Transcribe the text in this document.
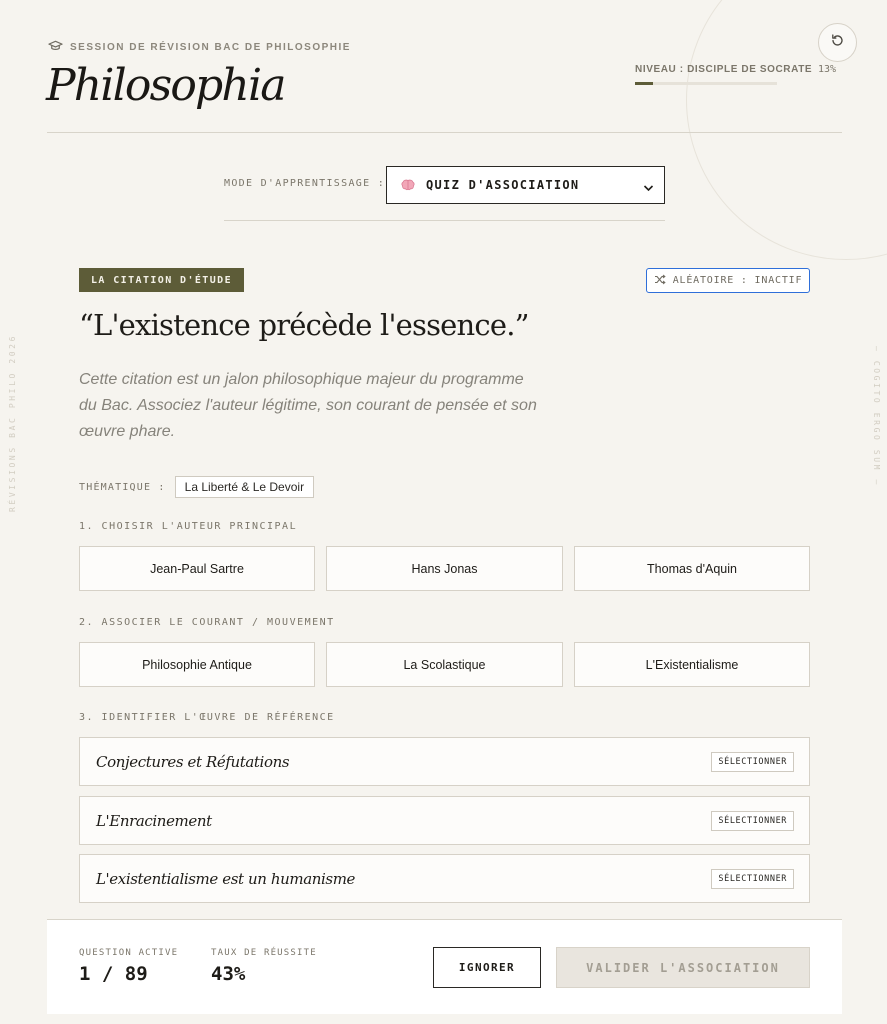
RÉVISIONS BAC PHILO 2026	— COGITO ERGO SUM —
SESSION DE RÉVISION BAC DE PHILOSOPHIE
Philosophia	NIVEAU : DISCIPLE DE SOCRATE 13%
MODE D'APPRENTISSAGE :	QUIZ D'ASSOCIATION
LA CITATION D'ÉTUDE	ALÉATOIRE : INACTIF
“L'existence précède l'essence.”
Cette citation est un jalon philosophique majeur du programme du Bac. Associez l'auteur légitime, son courant de pensée et son œuvre phare.
THÉMATIQUE :	La Liberté & Le Devoir
1. CHOISIR L'AUTEUR PRINCIPAL
Jean-Paul Sartre	Hans Jonas	Thomas d'Aquin
2. ASSOCIER LE COURANT / MOUVEMENT
Philosophie Antique	La Scolastique	L'Existentialisme
3. IDENTIFIER L'ŒUVRE DE RÉFÉRENCE
Conjectures et Réfutations	SÉLECTIONNER
L'Enracinement	SÉLECTIONNER
L'existentialisme est un humanisme	SÉLECTIONNER
QUESTION ACTIVE
1 / 89
TAUX DE RÉUSSITE
43%	IGNORER	VALIDER L'ASSOCIATION
